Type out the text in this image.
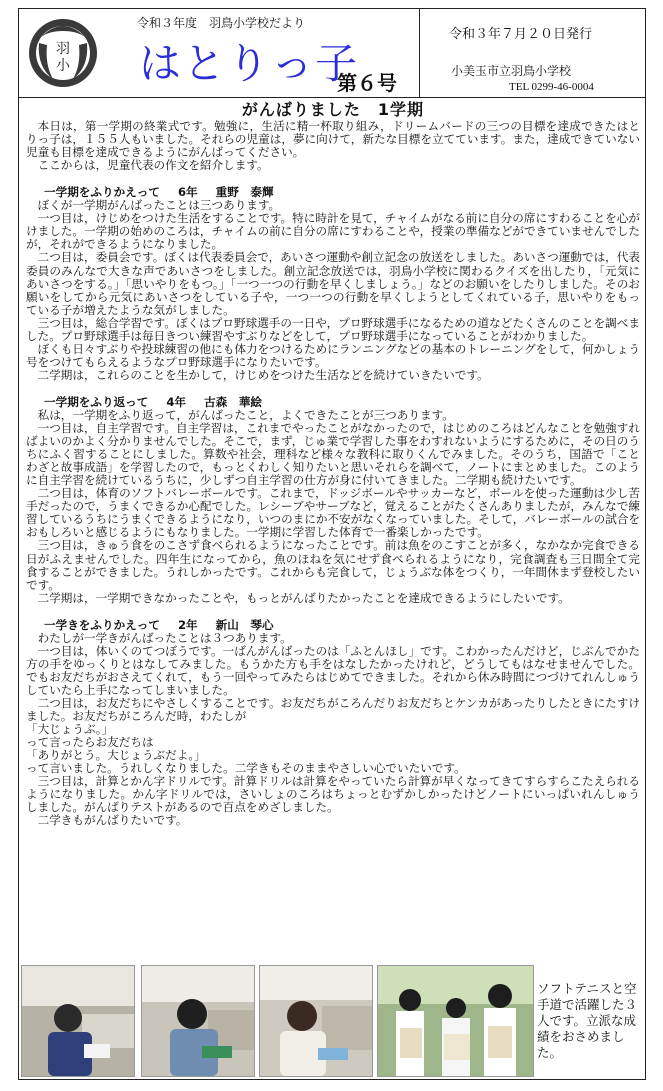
羽
小
令和３年度　羽鳥小学校だより
はとりっ子
第６号
令和３年７月２０日発行
小美玉市立羽鳥小学校
TEL 0299-46-0004
がんばりました　1学期

本日は，第一学期の終業式です。勉強に，生活に精一杯取り組み，ドリームバードの三つの目標を達成できたはとりっ子は，１５５人もいました。それらの児童は，夢に向けて，新たな目標を立てています。また，達成できていない児童も目標を達成できるようにがんばってください。

ここからは，児童代表の作文を紹介します。

一学期をふりかえって 6年 重野　泰輝

ぼくが一学期がんばったことは三つあります。

一つ目は，けじめをつけた生活をすることです。特に時計を見て，チャイムがなる前に自分の席にすわることを心がけました。一学期の始めのころは，チャイムの前に自分の席にすわることや，授業の準備などができていませんでしたが，それができるようになりました。

二つ目は，委員会です。ぼくは代表委員会で，あいさつ運動や創立記念の放送をしました。あいさつ運動では，代表委員のみんなで大きな声であいさつをしました。創立記念放送では，羽鳥小学校に関わるクイズを出したり，「元気にあいさつをする。」「思いやりをもつ。」「一つ一つの行動を早くしましょう。」などのお願いをしたりしました。そのお願いをしてから元気にあいさつをしている子や，一つ一つの行動を早くしようとしてくれている子，思いやりをもっている子が増えたような気がしました。

三つ目は，総合学習です。ぼくはプロ野球選手の一日や，プロ野球選手になるための道などたくさんのことを調べました。プロ野球選手は毎日きつい練習やすぶりなどをして，プロ野球選手になっていることがわかりました。

ぼくも日々すぶりや投球練習の他にも体力をつけるためにランニングなどの基本のトレーニングをして，何かしょう号をつけてもらえるようなプロ野球選手になりたいです。

二学期は，これらのことを生かして，けじめをつけた生活などを続けていきたいです。

一学期をふり返って 4年 古森　華絵

私は，一学期をふり返って，がんばったこと，よくできたことが三つあります。

一つ目は，自主学習です。自主学習は，これまでやったことがなかったので，はじめのころはどんなことを勉強すればよいのかよく分かりませんでした。そこで，まず，じゅ業で学習した事をわすれないようにするために，その日のうちにふく習することにしました。算数や社会，理科など様々な教科に取りくんでみました。そのうち，国語で「ことわざと故事成語」を学習したので，もっとくわしく知りたいと思いそれらを調べて，ノートにまとめました。このように自主学習を続けているうちに，少しずつ自主学習の仕方が身に付いてきました。二学期も続けたいです。

二つ目は，体育のソフトバレーボールです。これまで，ドッジボールやサッカーなど，ボールを使った運動は少し苦手だったので，うまくできるか心配でした。レシーブやサーブなど，覚えることがたくさんありましたが，みんなで練習しているうちにうまくできるようになり，いつのまにか不安がなくなっていました。そして，バレーボールの試合をおもしろいと感じるようにもなりました。一学期に学習した体育で一番楽しかったです。

三つ目は，きゅう食をのこさず食べられるようになったことです。前は魚をのこすことが多く，なかなか完食できる日がふえませんでした。四年生になってから，魚のほねを気にせず食べられるようになり，完食調査も三日間全て完食することができました。うれしかったです。これからも完食して，じょうぶな体をつくり，一年間休まず登校したいです。

二学期は，一学期できなかったことや，もっとがんばりたかったことを達成できるようにしたいです。

一学きをふりかえって 2年 新山　琴心

わたしが一学きがんばったことは３つあります。

一つ目は，体いくのてつぼうです。一ばんがんばったのは「ふとんほし」です。こわかったんだけど，じぶんでかた方の手をゆっくりとはなしてみました。もうかた方も手をはなしたかったけれど，どうしてもはなせませんでした。でもお友だちがおさえてくれて，もう一回やってみたらはじめてできました。それから休み時間につづけてれんしゅうしていたら上手になってしまいました。

二つ目は，お友だちにやさしくすることです。お友だちがころんだりお友だちとケンカがあったりしたときにたすけました。お友だちがころんだ時，わたしが

「大じょうぶ。」

って言ったらお友だちは

「ありがとう。大じょうぶだよ。」

って言いました。うれしくなりました。二学きもそのままやさしい心でいたいです。

三つ目は，計算とかん字ドリルです。計算ドリルは計算をやっていたら計算が早くなってきてすらすらこたえられるようになりました。かん字ドリルでは，さいしょのころはちょっとむずかしかったけどノートにいっぱいれんしゅうしました。がんばりテストがあるので百点をめざしました。

二学きもがんばりたいです。

ソフトテニスと空手道で活躍した３人です。立派な成績をおさめました。
